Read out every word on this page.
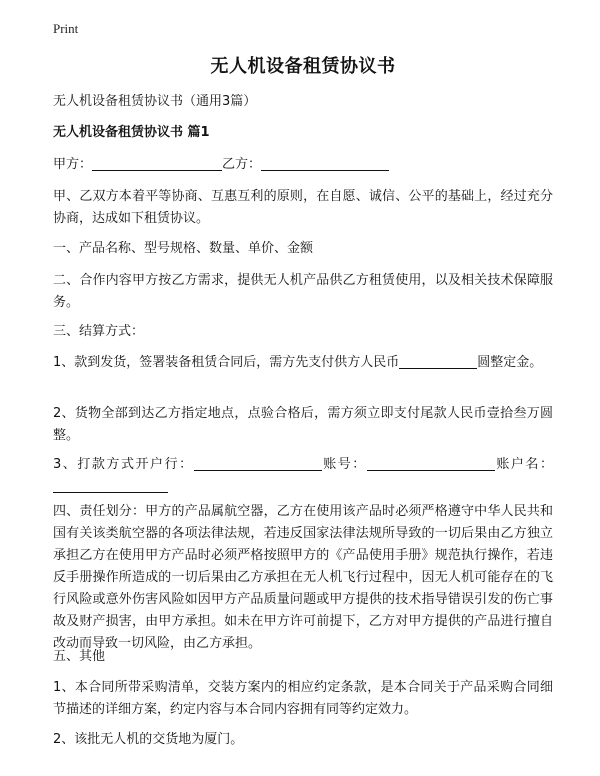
Print
无人机设备租赁协议书

无人机设备租赁协议书（通用3篇）

无人机设备租赁协议书 篇1

甲方：	乙方：

甲、乙双方本着平等协商、互惠互利的原则，在自愿、诚信、公平的基础上，经过充分协商，达成如下租赁协议。

一、产品名称、型号规格、数量、单价、金额

二、合作内容甲方按乙方需求，提供无人机产品供乙方租赁使用，以及相关技术保障服务。

三、结算方式：

1、款到发货，签署装备租赁合同后，需方先支付供方人民币	圆整定金。

2、货物全部到达乙方指定地点，点验合格后，需方须立即支付尾款人民币壹拾叁万圆整。

3、打款方式开户行：	账号：	账户名：

四、责任划分：甲方的产品属航空器，乙方在使用该产品时必须严格遵守中华人民共和国有关该类航空器的各项法律法规，若违反国家法律法规所导致的一切后果由乙方独立承担乙方在使用甲方产品时必须严格按照甲方的《产品使用手册》规范执行操作，若违反手册操作所造成的一切后果由乙方承担在无人机飞行过程中，因无人机可能存在的飞行风险或意外伤害风险如因甲方产品质量问题或甲方提供的技术指导错误引发的伤亡事故及财产损害，由甲方承担。如未在甲方许可前提下，乙方对甲方提供的产品进行擅自改动而导致一切风险，由乙方承担。

五、其他

1、本合同所带采购清单，交装方案内的相应约定条款，是本合同关于产品采购合同细节描述的详细方案，约定内容与本合同内容拥有同等约定效力。

2、该批无人机的交货地为厦门。
